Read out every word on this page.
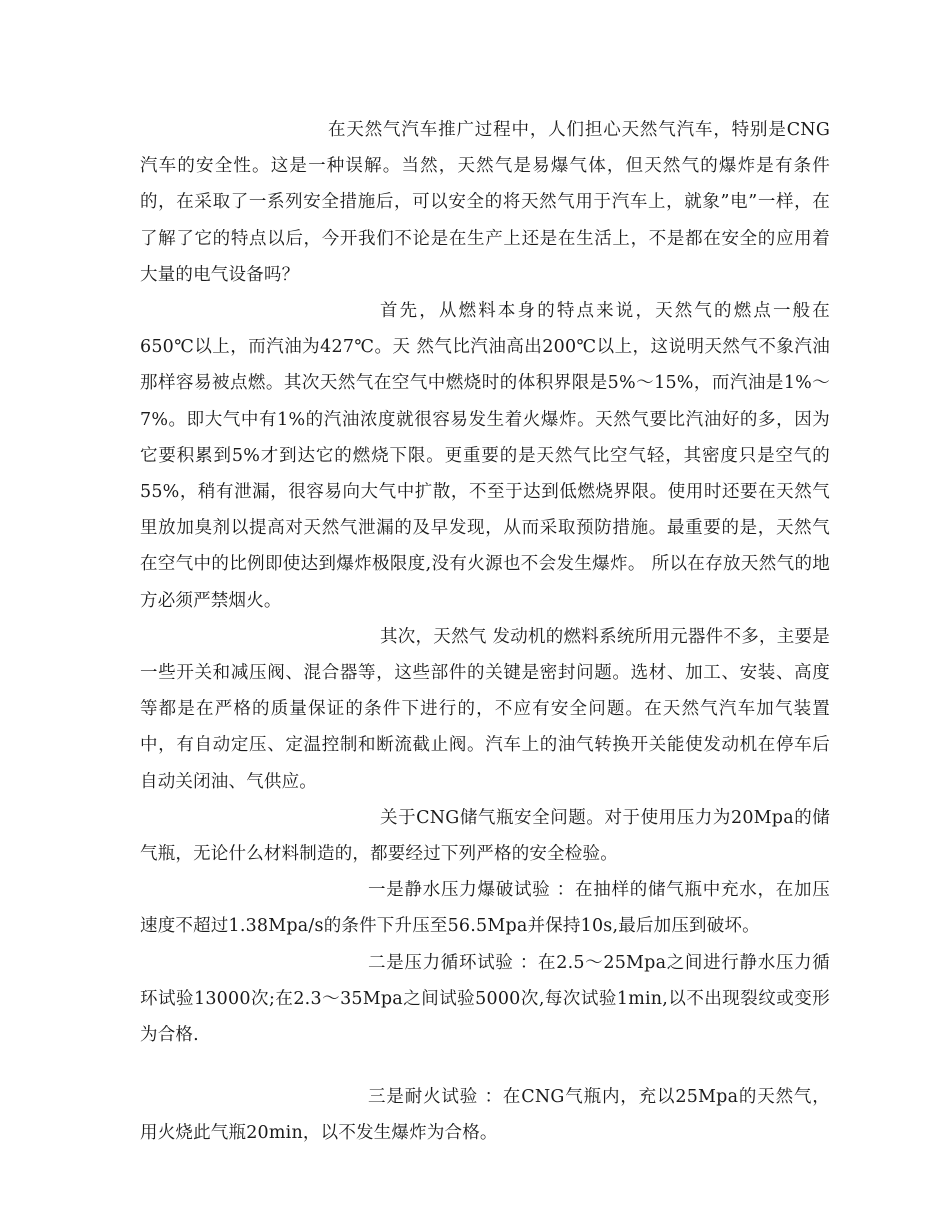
在天然气汽车推广过程中，人们担心天然气汽车，特别是CNG汽车的安全性。这是一种误解。当然，天然气是易爆气体，但天然气的爆炸是有条件的，在采取了一系列安全措施后，可以安全的将天然气用于汽车上，就象”电”一样，在了解了它的特点以后，今开我们不论是在生产上还是在生活上，不是都在安全的应用着大量的电气设备吗？

首先，从燃料本身的特点来说，天然气的燃点一般在650℃以上，而汽油为427℃。天 然气比汽油高出200℃以上，这说明天然气不象汽油那样容易被点燃。其次天然气在空气中燃烧时的体积界限是5%～15%，而汽油是1%～7%。即大气中有1%的汽油浓度就很容易发生着火爆炸。天然气要比汽油好的多，因为它要积累到5%才到达它的燃烧下限。更重要的是天然气比空气轻，其密度只是空气的55%，稍有泄漏，很容易向大气中扩散，不至于达到低燃烧界限。使用时还要在天然气里放加臭剂以提高对天然气泄漏的及早发现，从而采取预防措施。最重要的是，天然气在空气中的比例即使达到爆炸极限度,没有火源也不会发生爆炸。 所以在存放天然气的地方必须严禁烟火。

其次，天然气 发动机的燃料系统所用元器件不多，主要是一些开关和减压阀、混合器等，这些部件的关键是密封问题。选材、加工、安装、高度等都是在严格的质量保证的条件下进行的，不应有安全问题。在天然气汽车加气装置中，有自动定压、定温控制和断流截止阀。汽车上的油气转换开关能使发动机在停车后自动关闭油、气供应。

关于CNG储气瓶安全问题。对于使用压力为20Mpa的储气瓶，无论什么材料制造的，都要经过下列严格的安全检验。

一是静水压力爆破试验 ：在抽样的储气瓶中充水，在加压速度不超过1.38Mpa/s的条件下升压至56.5Mpa并保持10s,最后加压到破坏。

二是压力循环试验 ：在2.5～25Mpa之间进行静水压力循环试验13000次;在2.3～35Mpa之间试验5000次,每次试验1min,以不出现裂纹或变形为合格.

三是耐火试验 ：在CNG气瓶内，充以25Mpa的天然气，用火烧此气瓶20min，以不发生爆炸为合格。
